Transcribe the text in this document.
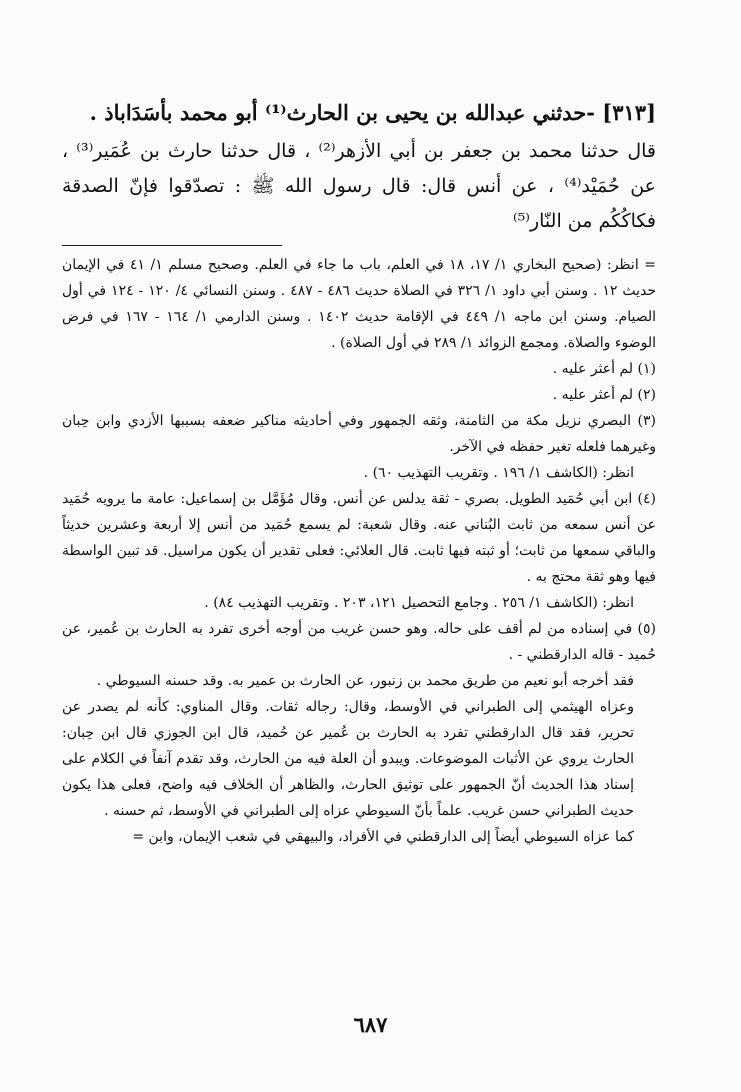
[٣١٣] -حدثني عبدالله بن يحيى بن الحارث⁽¹⁾ أبو محمد بأسَدَاباذ .

قال حدثنا محمد بن جعفر بن أبي الأزهر⁽²⁾ ، قال حدثنا حارث بن عُمَير⁽³⁾ ، عن حُمَيْد⁽⁴⁾ ، عن أنس قال: قال رسول الله ﷺ : تصدّقوا فإنّ الصدقة فكاكُكُم من النّار⁽⁵⁾

= انظر: (صحيح البخاري ١/ ١٧، ١٨ في العلم، باب ما جاء في العلم. وصحيح مسلم ١/ ٤١ في الإيمان حديث ١٢ . وسنن أبي داود ١/ ٣٢٦ في الصلاة حديث ٤٨٦ - ٤٨٧ . وسنن النسائي ٤/ ١٢٠ - ١٢٤ في أول الصيام. وسنن ابن ماجه ١/ ٤٤٩ في الإقامة حديث ١٤٠٢ . وسنن الدارمي ١/ ١٦٤ - ١٦٧ في فرض الوضوء والصلاة. ومجمع الزوائد ١/ ٢٨٩ في أول الصلاة) .

(١) لم أعثر عليه .

(٢) لم أعثر عليه .

(٣) البصري نزيل مكة من الثامنة، وثقه الجمهور وفي أحاديثه مناكير ضعفه بسببها الأزدي وابن حِبان وغيرهما فلعله تغير حفظه في الآخر.

انظر: (الكاشف ١/ ١٩٦ . وتقريب التهذيب ٦٠) .

(٤) ابن أبي حُمَيد الطويل. بصري - ثقة يدلس عن أنس. وقال مُؤَمَّل بن إسماعيل: عامة ما يرويه حُمَيد عن أنس سمعه من ثابت البُناني عنه. وقال شعبة: لم يسمع حُمَيد من أنس إلا أربعة وعشرين حديثاً والباقي سمعها من ثابت؛ أو ثبته فيها ثابت. قال العلائي: فعلى تقدير أن يكون مراسيل. قد تبين الواسطة فيها وهو ثقة محتج به .

انظر: (الكاشف ١/ ٢٥٦ . وجامع التحصيل ١٢١، ٢٠٣ . وتقريب التهذيب ٨٤) .

(٥) في إسناده من لم أقف على حاله. وهو حسن غريب من أوجه أخرى تفرد به الحارث بن عُمير، عن حُميد - قاله الدارقطني - .

فقد أخرجه أبو نعيم من طريق محمد بن زنبور، عن الحارث بن عمير به. وقد حسنه السيوطي .

وعزاه الهيثمي إلى الطبراني في الأوسط، وقال: رجاله ثقات. وقال المناوي: كأنه لم يصدر عن تحرير، فقد قال الدارقطني تفرد به الحارث بن عُمير عن حُميد، قال ابن الجوزي قال ابن حِبان: الحارث يروي عن الأثبات الموضوعات. ويبدو أن العلة فيه من الحارث، وقد تقدم آنفاً في الكلام على إسناد هذا الحديث أنّ الجمهور على توثيق الحارث، والظاهر أن الخلاف فيه واضح، فعلى هذا يكون حديث الطبراني حسن غريب. علماً بأنّ السيوطي عزاه إلى الطبراني في الأوسط، ثم حسنه .

كما عزاه السيوطي أيضاً إلى الدارقطني في الأفراد، والبيهقي في شعب الإيمان، وابن =

٦٨٧
